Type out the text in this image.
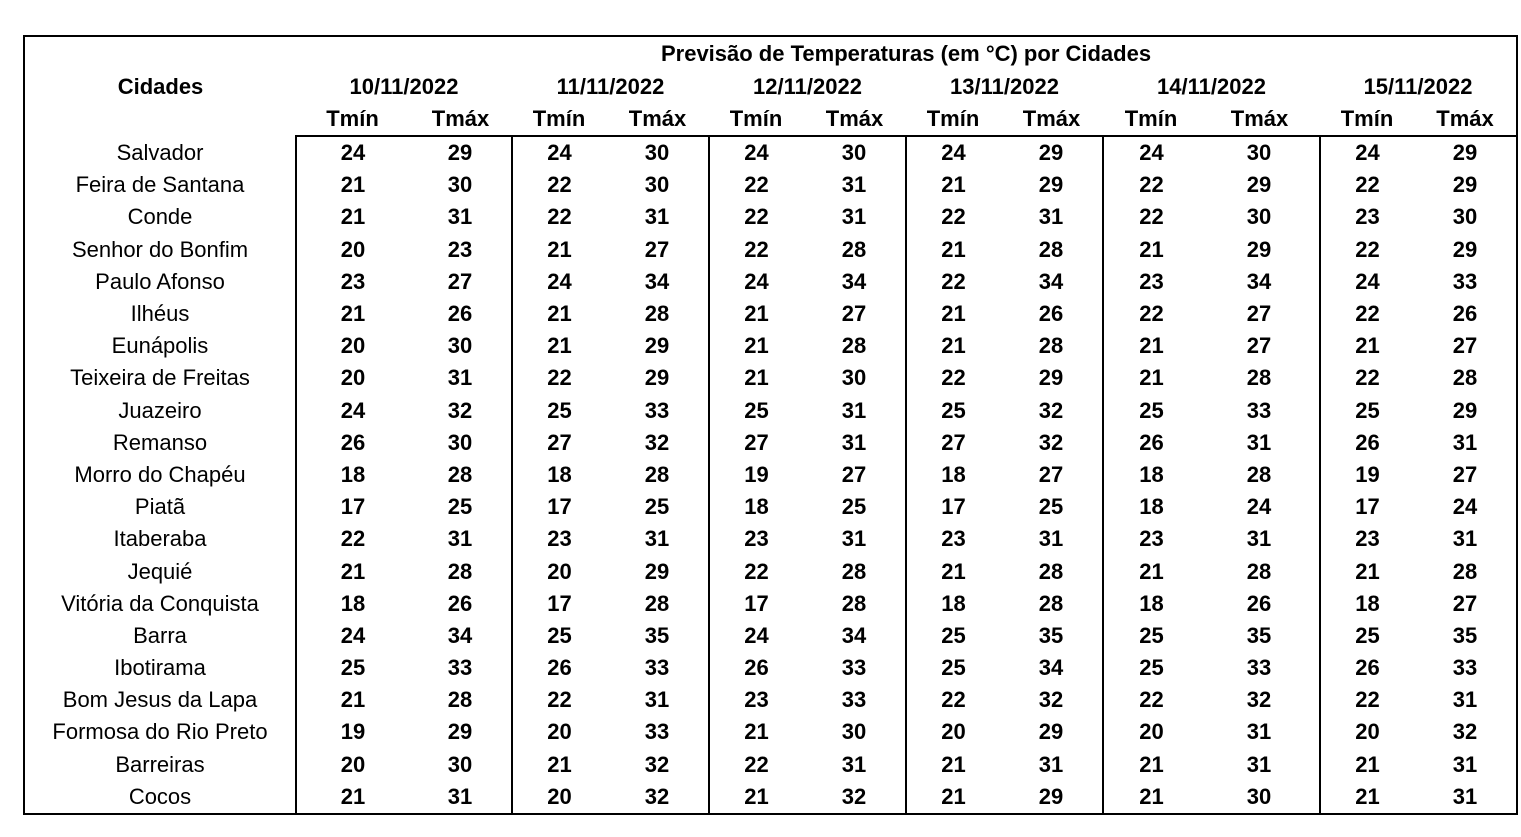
Cidades	Previsão de Temperaturas (em °C) por Cidades											
	10/11/2022		11/11/2022		12/11/2022		13/11/2022		14/11/2022		15/11/2022	
	Tmín	Tmáx	Tmín	Tmáx	Tmín	Tmáx	Tmín	Tmáx	Tmín	Tmáx	Tmín	Tmáx
Salvador	24	29	24	30	24	30	24	29	24	30	24	29
Feira de Santana	21	30	22	30	22	31	21	29	22	29	22	29
Conde	21	31	22	31	22	31	22	31	22	30	23	30
Senhor do Bonfim	20	23	21	27	22	28	21	28	21	29	22	29
Paulo Afonso	23	27	24	34	24	34	22	34	23	34	24	33
Ilhéus	21	26	21	28	21	27	21	26	22	27	22	26
Eunápolis	20	30	21	29	21	28	21	28	21	27	21	27
Teixeira de Freitas	20	31	22	29	21	30	22	29	21	28	22	28
Juazeiro	24	32	25	33	25	31	25	32	25	33	25	29
Remanso	26	30	27	32	27	31	27	32	26	31	26	31
Morro do Chapéu	18	28	18	28	19	27	18	27	18	28	19	27
Piatã	17	25	17	25	18	25	17	25	18	24	17	24
Itaberaba	22	31	23	31	23	31	23	31	23	31	23	31
Jequié	21	28	20	29	22	28	21	28	21	28	21	28
Vitória da Conquista	18	26	17	28	17	28	18	28	18	26	18	27
Barra	24	34	25	35	24	34	25	35	25	35	25	35
Ibotirama	25	33	26	33	26	33	25	34	25	33	26	33
Bom Jesus da Lapa	21	28	22	31	23	33	22	32	22	32	22	31
Formosa do Rio Preto	19	29	20	33	21	30	20	29	20	31	20	32
Barreiras	20	30	21	32	22	31	21	31	21	31	21	31
Cocos	21	31	20	32	21	32	21	29	21	30	21	31
